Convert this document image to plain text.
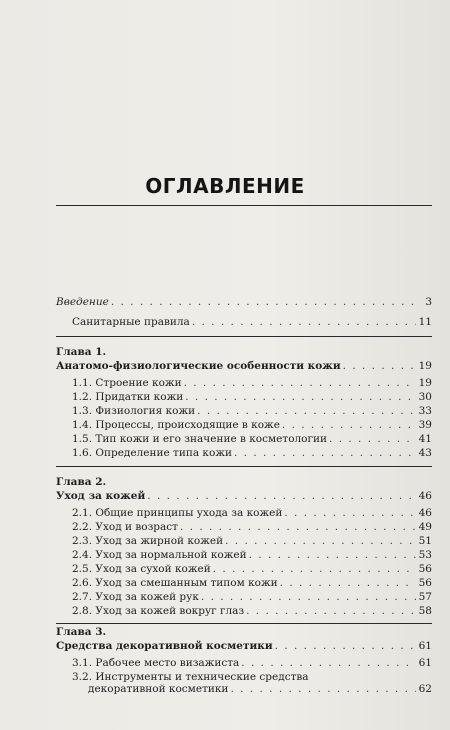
ОГЛАВЛЕНИЕ
Введение . . .	3
Санитарные правила . . .	11
Глава 1.
Анатомо-физиологические особенности кожи . . .	19
1.1. Строение кожи . . .	19
1.2. Придатки кожи . . .	30
1.3. Физиология кожи . . .	33
1.4. Процессы, происходящие в коже . . .	39
1.5. Тип кожи и его значение в косметологии . . .	41
1.6. Определение типа кожи . . .	43
Глава 2.
Уход за кожей . . .	46
2.1. Общие принципы ухода за кожей . . .	46
2.2. Уход и возраст . . .	49
2.3. Уход за жирной кожей . . .	51
2.4. Уход за нормальной кожей . . .	53
2.5. Уход за сухой кожей . . .	56
2.6. Уход за смешанным типом кожи . . .	56
2.7. Уход за кожей рук . . .	57
2.8. Уход за кожей вокруг глаз . . .	58
Глава 3.
Средства декоративной косметики . . .	61
3.1. Рабочее место визажиста . . .	61
3.2. Инструменты и технические средства
декоративной косметики . . .	62
